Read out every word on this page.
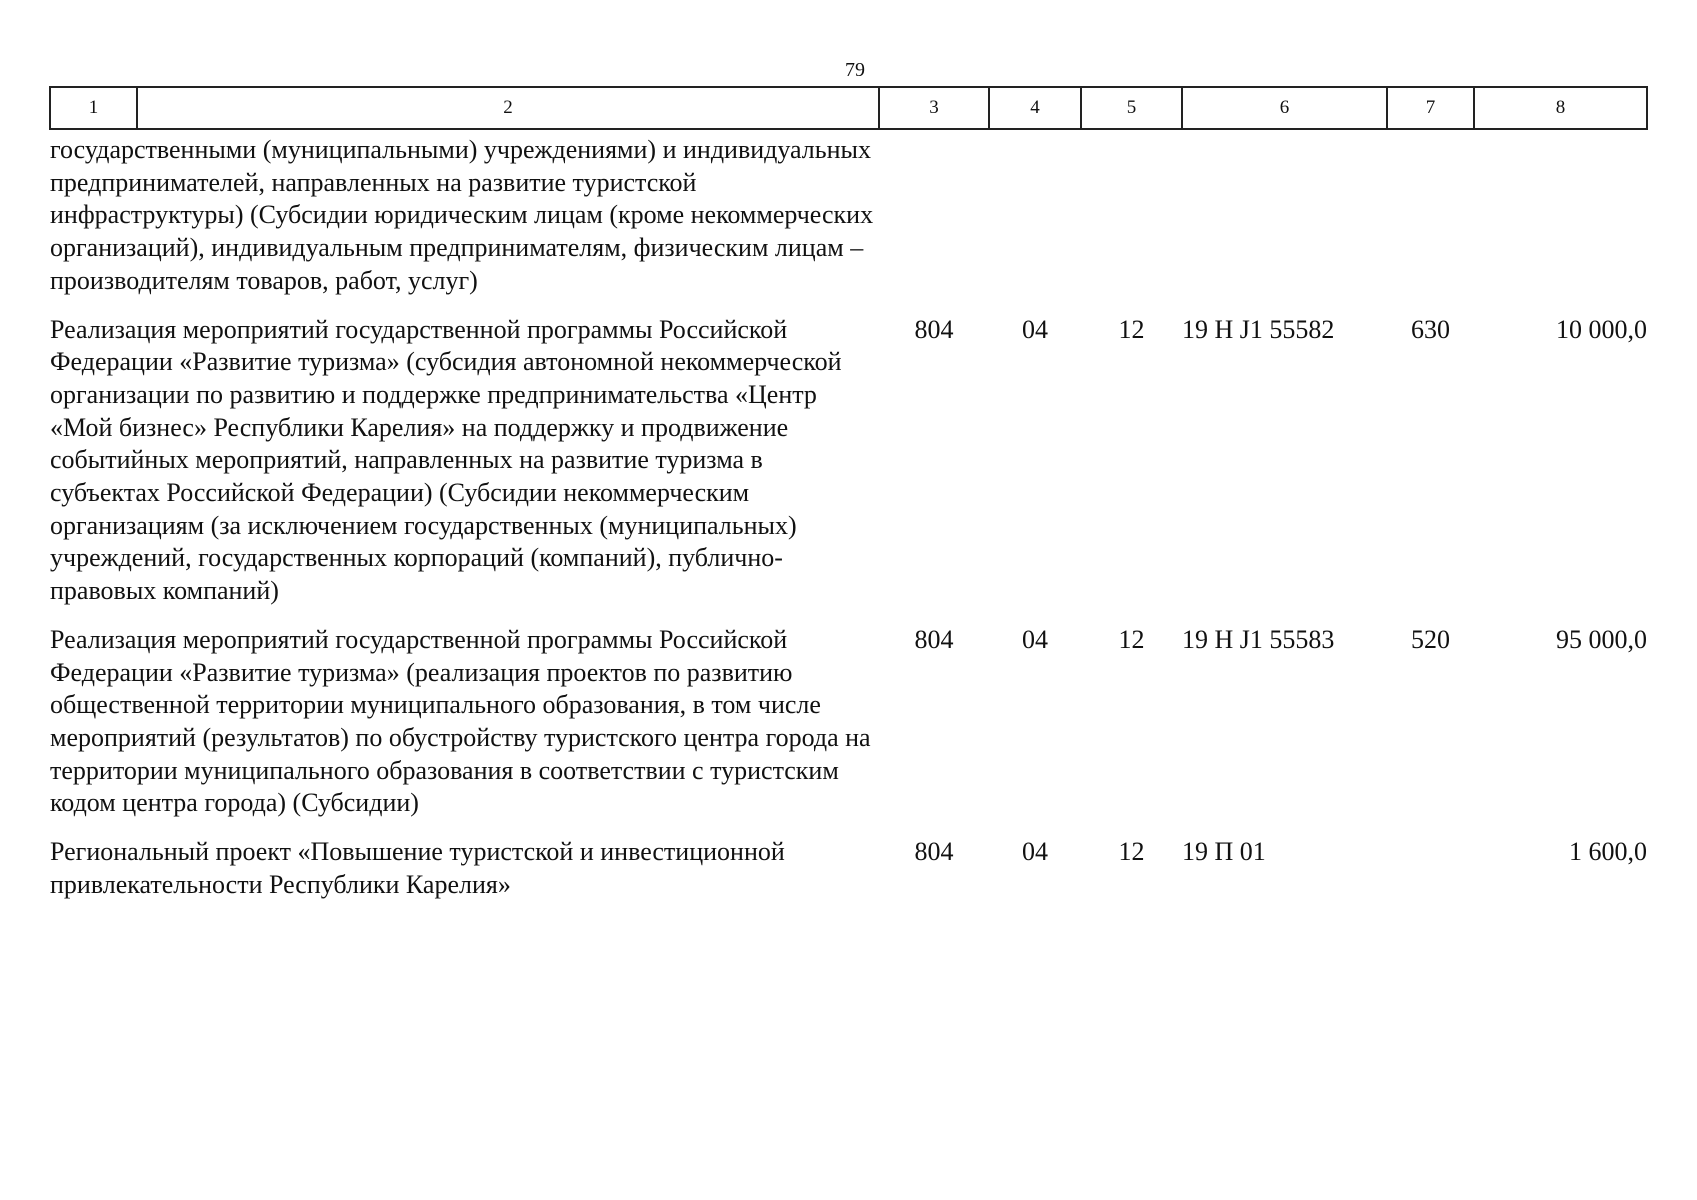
79
1	2	3	4	5	6	7	8
государственными (муниципальными) учреждениями) и индивидуальных предпринимателей, направленных на развитие туристской инфраструктуры) (Субсидии юридическим лицам (кроме некоммерческих организаций), индивидуальным предпринимателям, физическим лицам – производителям товаров, работ, услуг)							
Реализация мероприятий государственной программы Российской Федерации «Развитие туризма» (субсидия автономной некоммерческой организации по развитию и поддержке предпринимательства «Центр «Мой бизнес» Республики Карелия» на поддержку и продвижение событийных мероприятий, направленных на развитие туризма в субъектах Российской Федерации) (Субсидии некоммерческим организациям (за исключением государственных (муниципальных) учреждений, государственных корпораций (компаний), публично-правовых компаний)		804	04	12	19 Н J1 55582	630	10 000,0
Реализация мероприятий государственной программы Российской Федерации «Развитие туризма» (реализация проектов по развитию общественной территории муниципального образования, в том числе мероприятий (результатов) по обустройству туристского центра города на территории муниципального образования в соответствии с туристским кодом центра города) (Субсидии)		804	04	12	19 Н J1 55583	520	95 000,0
Региональный проект «Повышение туристской и инвестиционной привлекательности Республики Карелия»		804	04	12	19 П 01		1 600,0
